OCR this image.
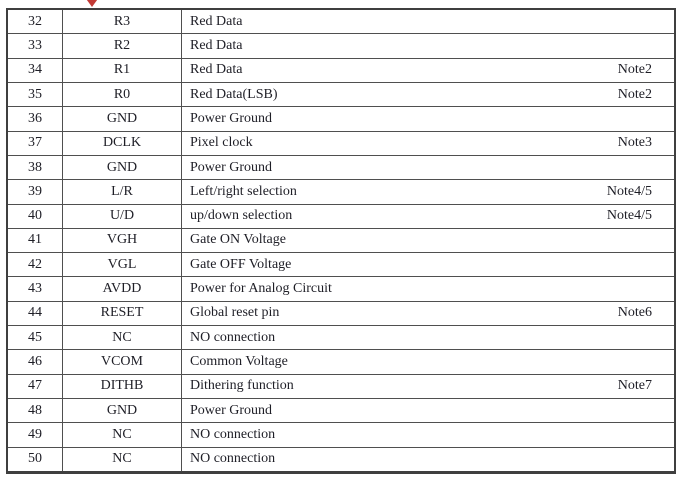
32	R3	Red Data
33	R2	Red Data
34	R1	Red Data	Note2
35	R0	Red Data(LSB)	Note2
36	GND	Power Ground
37	DCLK	Pixel clock	Note3
38	GND	Power Ground
39	L/R	Left/right selection	Note4/5
40	U/D	up/down selection	Note4/5
41	VGH	Gate ON Voltage
42	VGL	Gate OFF Voltage
43	AVDD	Power for Analog Circuit
44	RESET	Global reset pin	Note6
45	NC	NO connection
46	VCOM	Common Voltage
47	DITHB	Dithering function	Note7
48	GND	Power Ground
49	NC	NO connection
50	NC	NO connection
